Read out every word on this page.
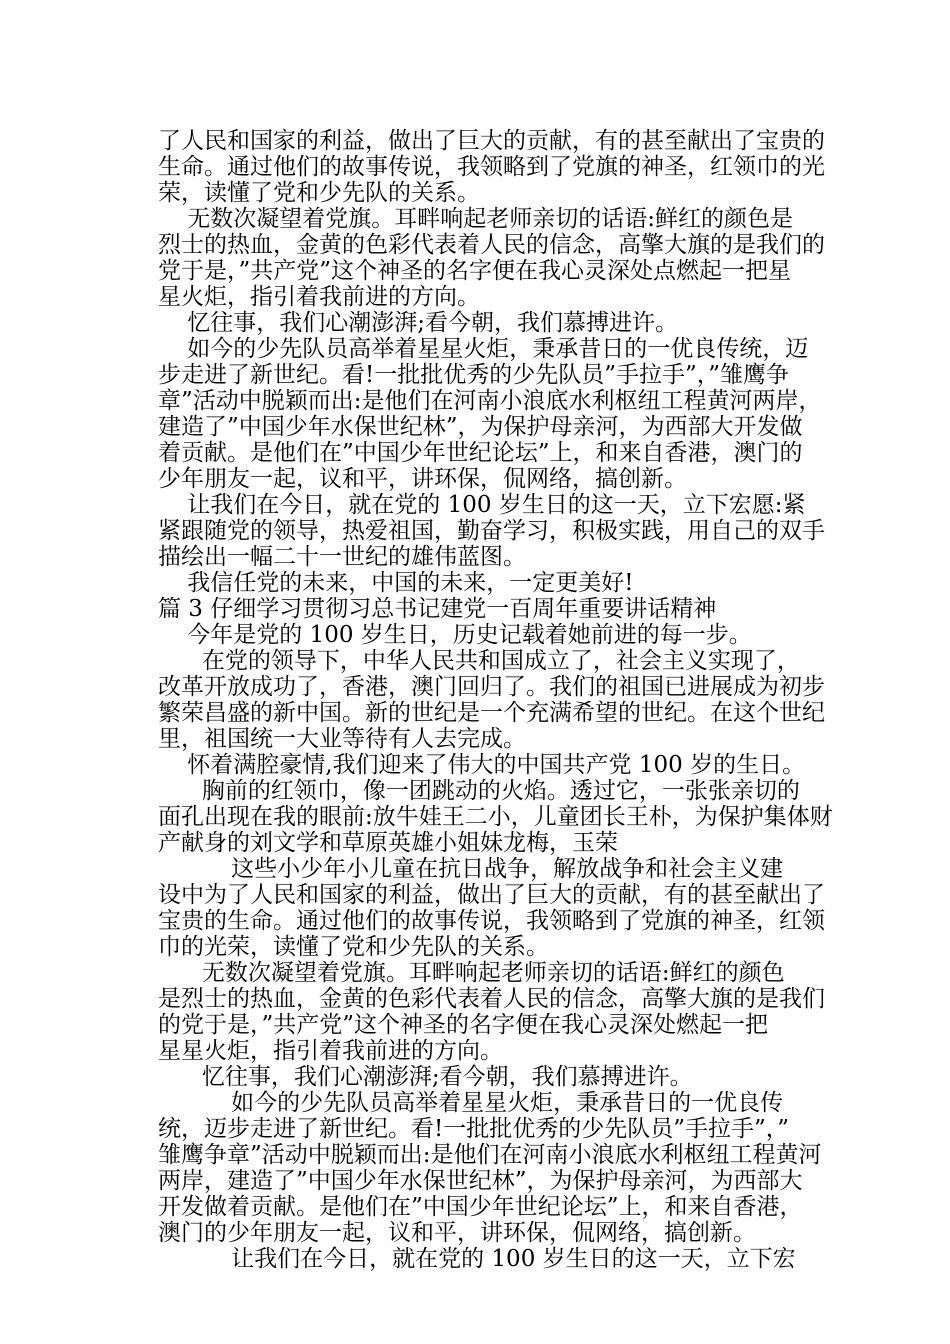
了人民和国家的利益，做出了巨大的贡献，有的甚至献出了宝贵的
生命。通过他们的故事传说，我领略到了党旗的神圣，红领巾的光
荣，读懂了党和少先队的关系。
无数次凝望着党旗。耳畔响起老师亲切的话语:鲜红的颜色是
烈士的热血，金黄的色彩代表着人民的信念，高擎大旗的是我们的
党于是，”共产党”这个神圣的名字便在我心灵深处点燃起一把星
星火炬，指引着我前进的方向。
忆往事，我们心潮澎湃;看今朝，我们慕搏进许。
如今的少先队员高举着星星火炬，秉承昔日的一优良传统，迈
步走进了新世纪。看!一批批优秀的少先队员”手拉手”，”雏鹰争
章”活动中脱颖而出:是他们在河南小浪底水利枢纽工程黄河两岸，
建造了”中国少年水保世纪林”，为保护母亲河，为西部大开发做
着贡献。是他们在”中国少年世纪论坛”上，和来自香港，澳门的
少年朋友一起，议和平，讲环保，侃网络，搞创新。
让我们在今日，就在党的 100 岁生日的这一天，立下宏愿:紧
紧跟随党的领导，热爱祖国，勤奋学习，积极实践，用自己的双手
描绘出一幅二十一世纪的雄伟蓝图。
我信任党的未来，中国的未来，一定更美好!
篇 3 仔细学习贯彻习总书记建党一百周年重要讲话精神
今年是党的 100 岁生日，历史记载着她前进的每一步。
在党的领导下，中华人民共和国成立了，社会主义实现了，
改革开放成功了，香港，澳门回归了。我们的祖国已进展成为初步
繁荣昌盛的新中国。新的世纪是一个充满希望的世纪。在这个世纪
里，祖国统一大业等待有人去完成。
怀着满腔豪情,我们迎来了伟大的中国共产党 100 岁的生日。
胸前的红领巾，像一团跳动的火焰。透过它，一张张亲切的
面孔出现在我的眼前:放牛娃王二小，儿童团长王朴，为保护集体财
产献身的刘文学和草原英雄小姐妹龙梅，玉荣
这些小少年小儿童在抗日战争，解放战争和社会主义建
设中为了人民和国家的利益，做出了巨大的贡献，有的甚至献出了
宝贵的生命。通过他们的故事传说，我领略到了党旗的神圣，红领
巾的光荣，读懂了党和少先队的关系。
无数次凝望着党旗。耳畔响起老师亲切的话语:鲜红的颜色
是烈士的热血，金黄的色彩代表着人民的信念，高擎大旗的是我们
的党于是，”共产党”这个神圣的名字便在我心灵深处燃起一把
星星火炬，指引着我前进的方向。
忆往事，我们心潮澎湃;看今朝，我们慕搏进许。
如今的少先队员高举着星星火炬，秉承昔日的一优良传
统，迈步走进了新世纪。看!一批批优秀的少先队员”手拉手”，”
雏鹰争章”活动中脱颖而出:是他们在河南小浪底水利枢纽工程黄河
两岸，建造了”中国少年水保世纪林”，为保护母亲河，为西部大
开发做着贡献。是他们在”中国少年世纪论坛”上，和来自香港，
澳门的少年朋友一起，议和平，讲环保，侃网络，搞创新。
让我们在今日，就在党的 100 岁生日的这一天，立下宏
